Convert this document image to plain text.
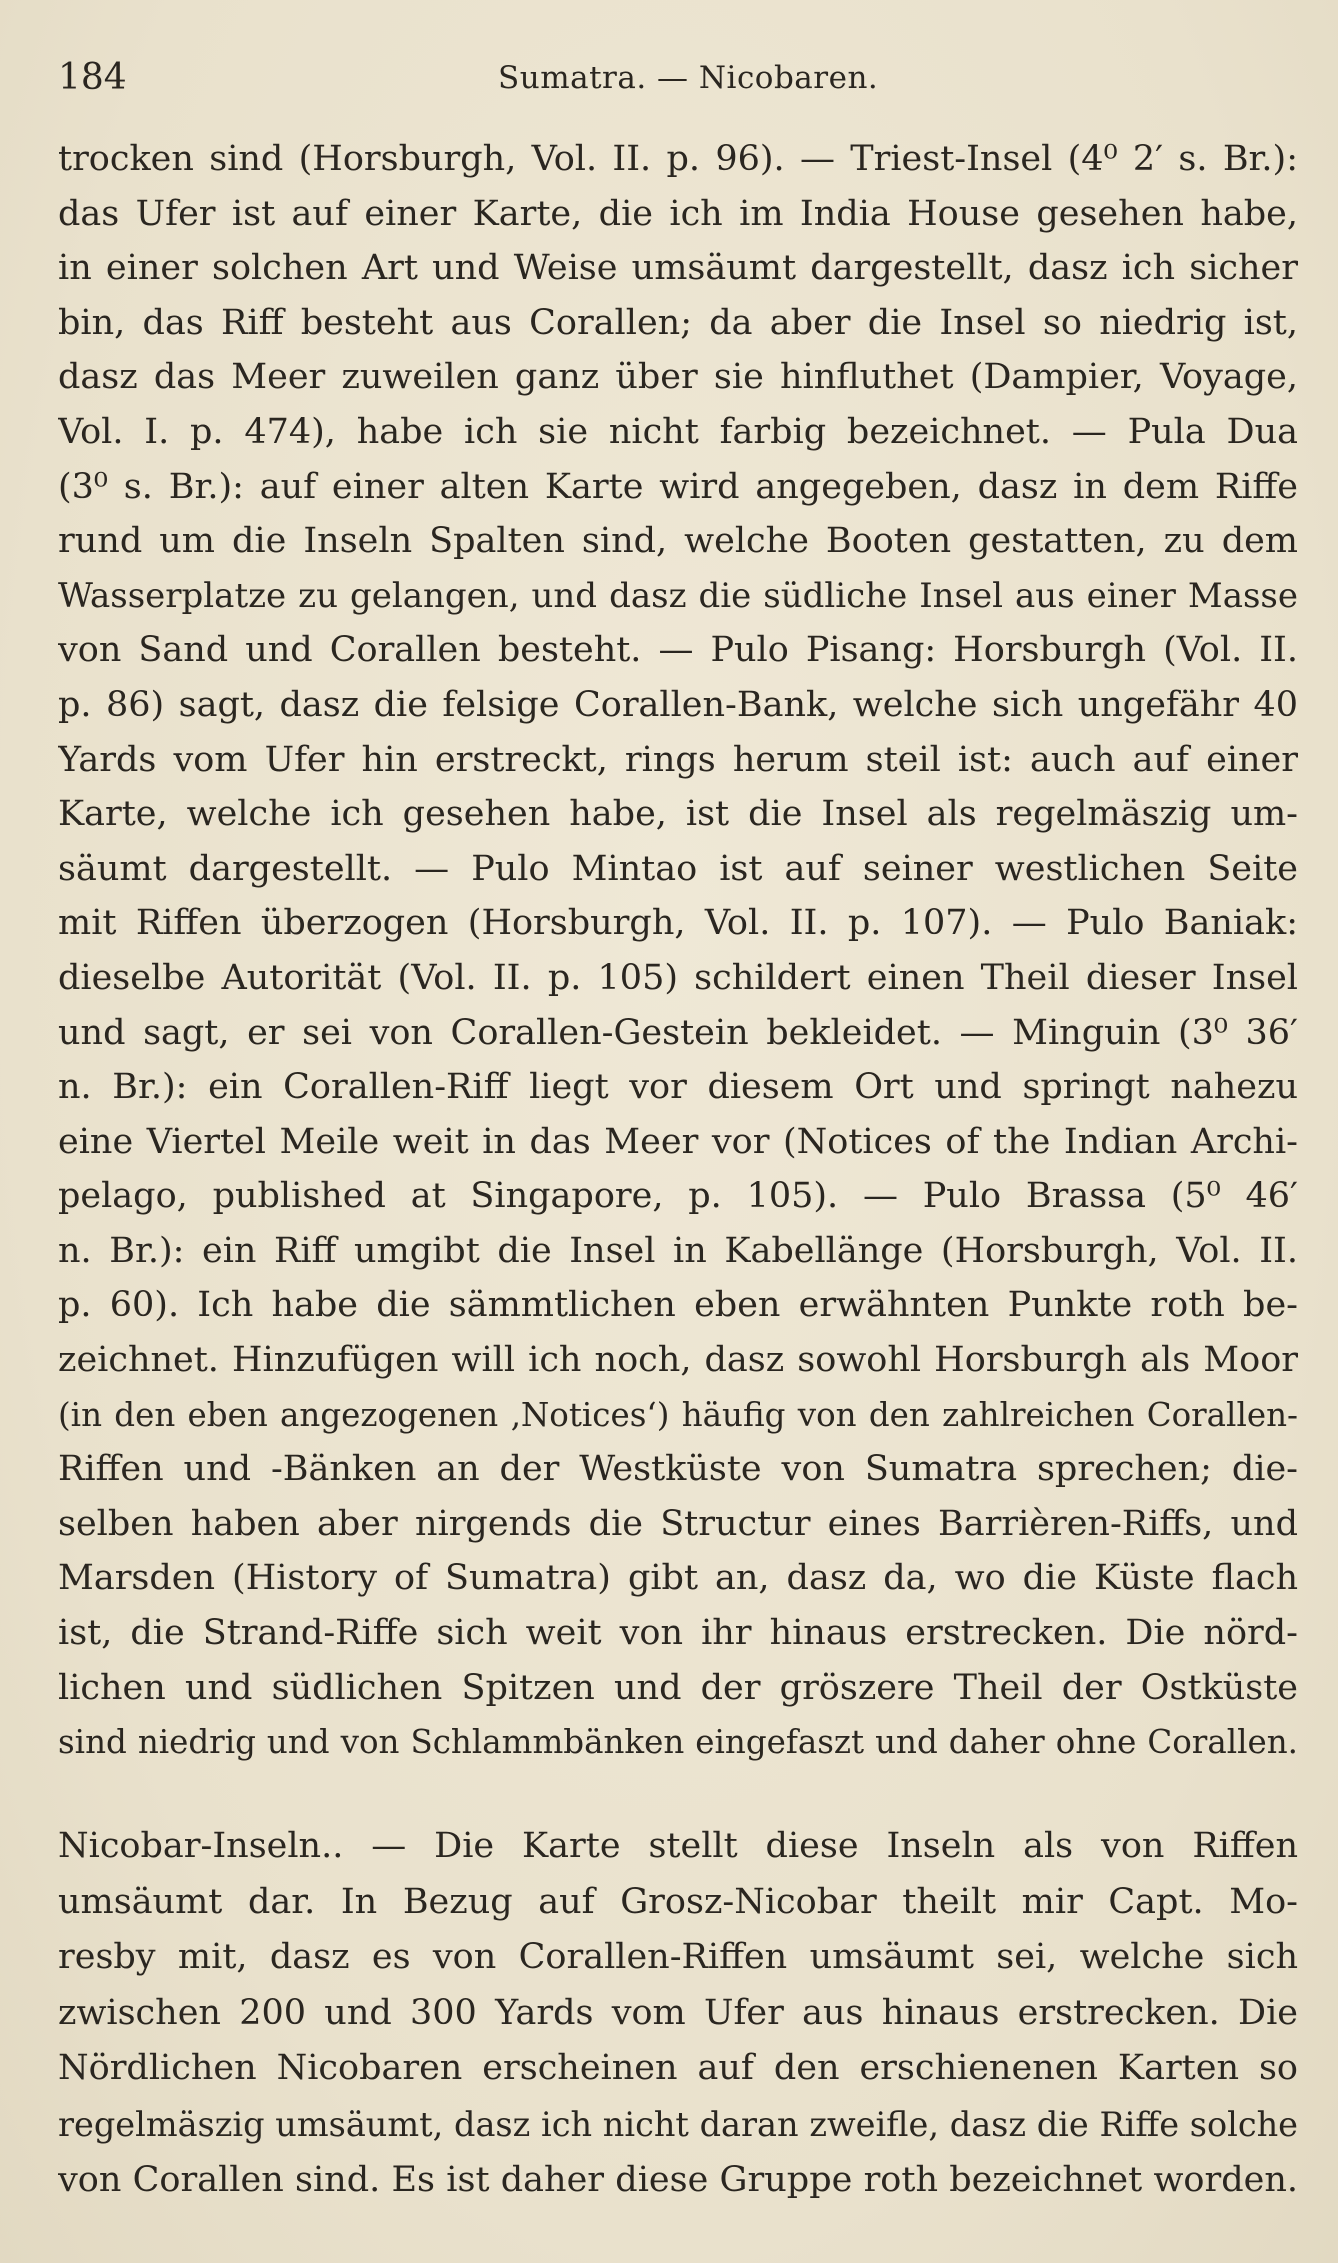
184	Sumatra. — Nicobaren.
trocken sind (Horsburgh, Vol. II. p. 96). — Triest-Insel (4⁰ 2′ s. Br.):
das Ufer ist auf einer Karte, die ich im India House gesehen habe,
in einer solchen Art und Weise umsäumt dargestellt, dasz ich sicher
bin, das Riff besteht aus Corallen; da aber die Insel so niedrig ist,
dasz das Meer zuweilen ganz über sie hinfluthet (Dampier, Voyage,
Vol. I. p. 474), habe ich sie nicht farbig bezeichnet. — Pula Dua
(3⁰ s. Br.): auf einer alten Karte wird angegeben, dasz in dem Riffe
rund um die Inseln Spalten sind, welche Booten gestatten, zu dem
Wasserplatze zu gelangen, und dasz die südliche Insel aus einer Masse
von Sand und Corallen besteht. — Pulo Pisang: Horsburgh (Vol. II.
p. 86) sagt, dasz die felsige Corallen-Bank, welche sich ungefähr 40
Yards vom Ufer hin erstreckt, rings herum steil ist: auch auf einer
Karte, welche ich gesehen habe, ist die Insel als regelmäszig um-
säumt dargestellt. — Pulo Mintao ist auf seiner westlichen Seite
mit Riffen überzogen (Horsburgh, Vol. II. p. 107). — Pulo Baniak:
dieselbe Autorität (Vol. II. p. 105) schildert einen Theil dieser Insel
und sagt, er sei von Corallen-Gestein bekleidet. — Minguin (3⁰ 36′
n. Br.): ein Corallen-Riff liegt vor diesem Ort und springt nahezu
eine Viertel Meile weit in das Meer vor (Notices of the Indian Archi-
pelago, published at Singapore, p. 105). — Pulo Brassa (5⁰ 46′
n. Br.): ein Riff umgibt die Insel in Kabellänge (Horsburgh, Vol. II.
p. 60). Ich habe die sämmtlichen eben erwähnten Punkte roth be-
zeichnet. Hinzufügen will ich noch, dasz sowohl Horsburgh als Moor
(in den eben angezogenen ‚Notices‘) häufig von den zahlreichen Corallen-
Riffen und -Bänken an der Westküste von Sumatra sprechen; die-
selben haben aber nirgends die Structur eines Barrièren-Riffs, und
Marsden (History of Sumatra) gibt an, dasz da, wo die Küste flach
ist, die Strand-Riffe sich weit von ihr hinaus erstrecken. Die nörd-
lichen und südlichen Spitzen und der gröszere Theil der Ostküste
sind niedrig und von Schlammbänken eingefaszt und daher ohne Corallen.
Nicobar-Inseln.. — Die Karte stellt diese Inseln als von Riffen
umsäumt dar. In Bezug auf Grosz-Nicobar theilt mir Capt. Mo-
resby mit, dasz es von Corallen-Riffen umsäumt sei, welche sich
zwischen 200 und 300 Yards vom Ufer aus hinaus erstrecken. Die
Nördlichen Nicobaren erscheinen auf den erschienenen Karten so
regelmäszig umsäumt, dasz ich nicht daran zweifle, dasz die Riffe solche
von Corallen sind. Es ist daher diese Gruppe roth bezeichnet worden.
